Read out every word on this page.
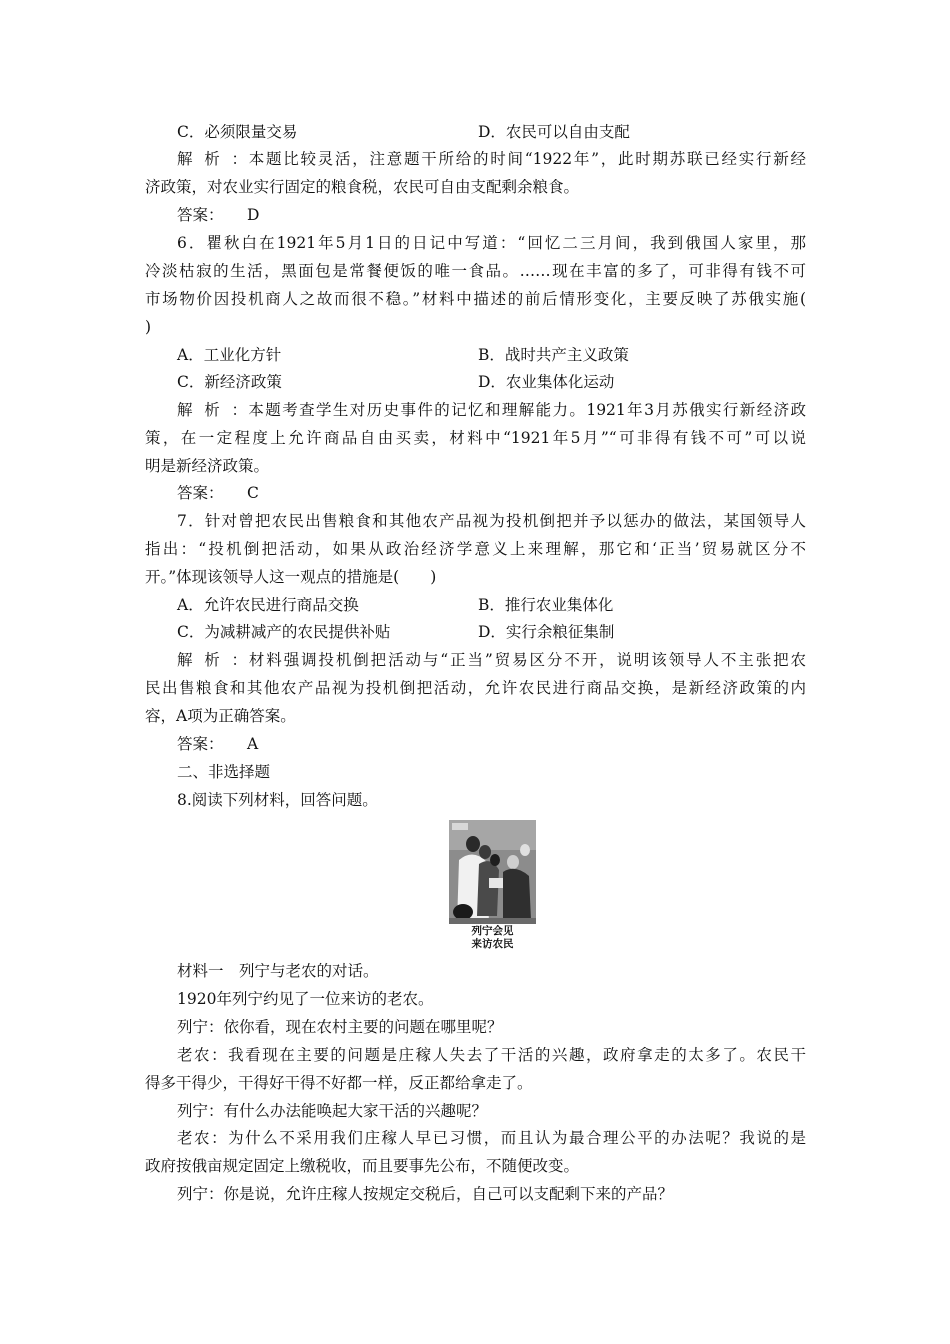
C．必须限量交易	D．农民可以自由支配
解析：本题比较灵活，注意题干所给的时间“1922年”，此时期苏联已经实行新经
济政策，对农业实行固定的粮食税，农民可自由支配剩余粮食。
答案： D
6．瞿秋白在1921年5月1日的日记中写道：“回忆二三月间，我到俄国人家里，那
冷淡枯寂的生活，黑面包是常餐便饭的唯一食品。……现在丰富的多了，可非得有钱不可
市场物价因投机商人之故而很不稳。”材料中描述的前后情形变化，主要反映了苏俄实施(
)
A．工业化方针	B．战时共产主义政策
C．新经济政策	D．农业集体化运动
解析：本题考查学生对历史事件的记忆和理解能力。1921年3月苏俄实行新经济政
策，在一定程度上允许商品自由买卖，材料中“1921年5月”“可非得有钱不可”可以说
明是新经济政策。
答案： C
7．针对曾把农民出售粮食和其他农产品视为投机倒把并予以惩办的做法，某国领导人
指出：“投机倒把活动，如果从政治经济学意义上来理解，那它和‘正当’贸易就区分不
开。”体现该领导人这一观点的措施是(　　)
A．允许农民进行商品交换	B．推行农业集体化
C．为减耕减产的农民提供补贴	D．实行余粮征集制
解析：材料强调投机倒把活动与“正当”贸易区分不开，说明该领导人不主张把农
民出售粮食和其他农产品视为投机倒把活动，允许农民进行商品交换，是新经济政策的内
容，A项为正确答案。
答案： A
二、非选择题
8.阅读下列材料，回答问题。
列宁会见
来访农民
材料一　列宁与老农的对话。
1920年列宁约见了一位来访的老农。
列宁：依你看，现在农村主要的问题在哪里呢？
老农：我看现在主要的问题是庄稼人失去了干活的兴趣，政府拿走的太多了。农民干
得多干得少，干得好干得不好都一样，反正都给拿走了。
列宁：有什么办法能唤起大家干活的兴趣呢？
老农：为什么不采用我们庄稼人早已习惯，而且认为最合理公平的办法呢？我说的是
政府按俄亩规定固定上缴税收，而且要事先公布，不随便改变。
列宁：你是说，允许庄稼人按规定交税后，自己可以支配剩下来的产品？
